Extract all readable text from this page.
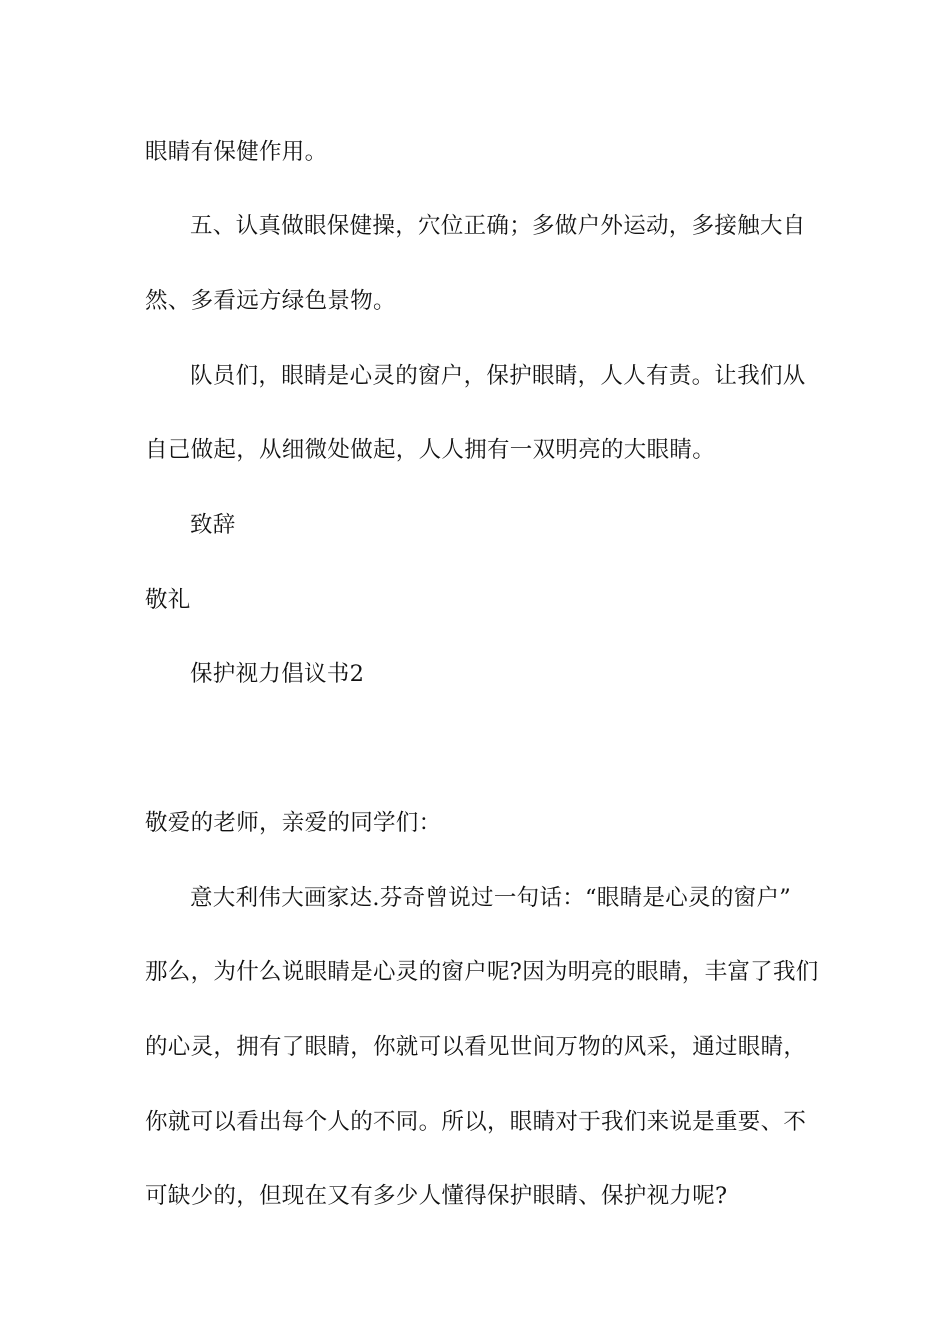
眼睛有保健作用。
五、认真做眼保健操，穴位正确；多做户外运动，多接触大自
然、多看远方绿色景物。
队员们，眼睛是心灵的窗户，保护眼睛，人人有责。让我们从
自己做起，从细微处做起，人人拥有一双明亮的大眼睛。
致辞
敬礼
保护视力倡议书2
敬爱的老师，亲爱的同学们：
意大利伟大画家达.芬奇曾说过一句话：“眼睛是心灵的窗户”
那么，为什么说眼睛是心灵的窗户呢?因为明亮的眼睛，丰富了我们
的心灵，拥有了眼睛，你就可以看见世间万物的风采，通过眼睛，
你就可以看出每个人的不同。所以，眼睛对于我们来说是重要、不
可缺少的，但现在又有多少人懂得保护眼睛、保护视力呢?
